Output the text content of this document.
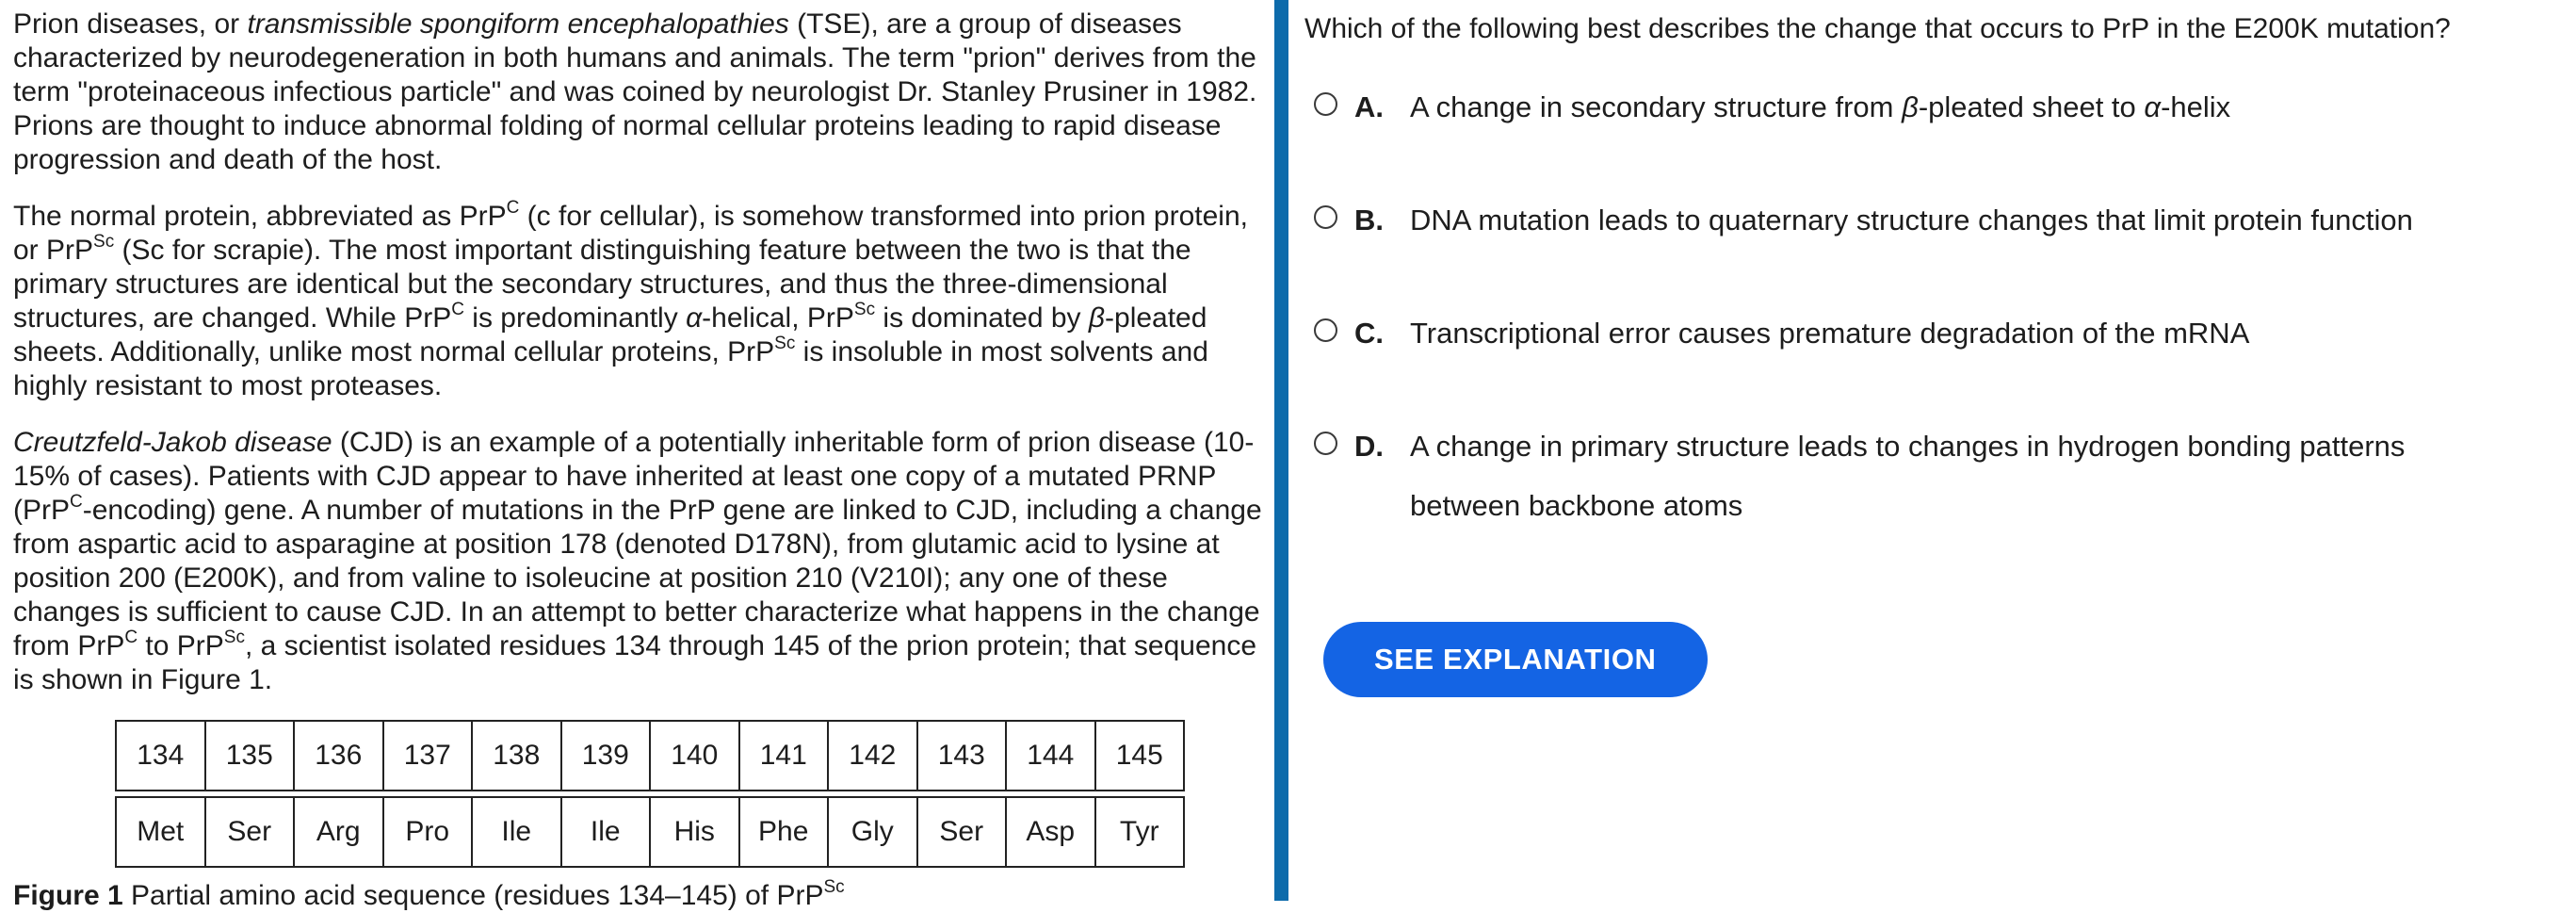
Prion diseases, or transmissible spongiform encephalopathies (TSE), are a group of diseases characterized by neurodegeneration in both humans and animals. The term "prion" derives from the term "proteinaceous infectious particle" and was coined by neurologist Dr. Stanley Prusiner in 1982. Prions are thought to induce abnormal folding of normal cellular proteins leading to rapid disease progression and death of the host.

The normal protein, abbreviated as PrP$^C$ (c for cellular), is somehow transformed into prion protein, or PrP$^{Sc}$ (Sc for scrapie). The most important distinguishing feature between the two is that the primary structures are identical but the secondary structures, and thus the three-dimensional structures, are changed. While PrP$^C$ is predominantly α-helical, PrP$^{Sc}$ is dominated by β-pleated sheets. Additionally, unlike most normal cellular proteins, PrP$^{Sc}$ is insoluble in most solvents and highly resistant to most proteases.

Creutzfeld-Jakob disease (CJD) is an example of a potentially inheritable form of prion disease (10-15% of cases). Patients with CJD appear to have inherited at least one copy of a mutated PRNP (PrP$^C$-encoding) gene. A number of mutations in the PrP gene are linked to CJD, including a change from aspartic acid to asparagine at position 178 (denoted D178N), from glutamic acid to lysine at position 200 (E200K), and from valine to isoleucine at position 210 (V210I); any one of these changes is sufficient to cause CJD. In an attempt to better characterize what happens in the change from PrP$^C$ to PrP$^{Sc}$, a scientist isolated residues 134 through 145 of the prion protein; that sequence is shown in Figure 1.

134	135	136	137	138	139	140	141	142	143	144	145
Met	Ser	Arg	Pro	Ile	Ile	His	Phe	Gly	Ser	Asp	Tyr

Figure 1 Partial amino acid sequence (residues 134–145) of PrP$^{Sc}$

Which of the following best describes the change that occurs to PrP in the E200K mutation?

A. A change in secondary structure from β-pleated sheet to α-helix
B. DNA mutation leads to quaternary structure changes that limit protein function
C. Transcriptional error causes premature degradation of the mRNA
D. A change in primary structure leads to changes in hydrogen bonding patterns between backbone atoms
SEE EXPLANATION
